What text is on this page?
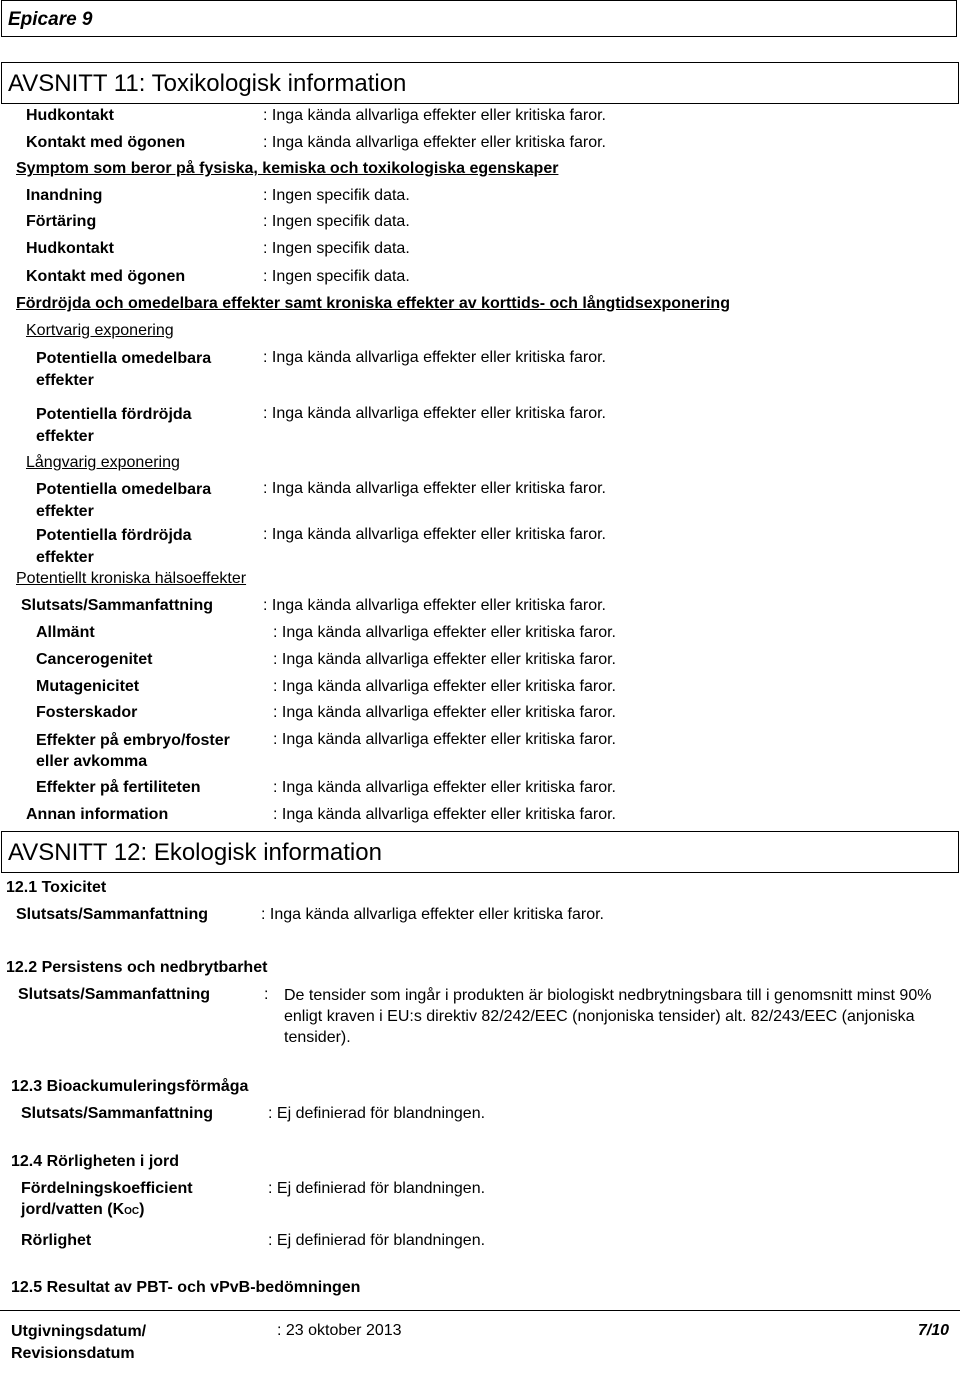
Epicare 9
AVSNITT 11: Toxikologisk information
Hudkontakt	: Inga kända allvarliga effekter eller kritiska faror.
Kontakt med ögonen	: Inga kända allvarliga effekter eller kritiska faror.
Symptom som beror på fysiska, kemiska och toxikologiska egenskaper
Inandning	: Ingen specifik data.
Förtäring	: Ingen specifik data.
Hudkontakt	: Ingen specifik data.
Kontakt med ögonen	: Ingen specifik data.
Fördröjda och omedelbara effekter samt kroniska effekter av korttids- och långtidsexponering
Kortvarig exponering
Potentiella omedelbara effekter
: Inga kända allvarliga effekter eller kritiska faror.
Potentiella fördröjda effekter
: Inga kända allvarliga effekter eller kritiska faror.
Långvarig exponering
Potentiella omedelbara effekter
: Inga kända allvarliga effekter eller kritiska faror.
Potentiella fördröjda effekter
: Inga kända allvarliga effekter eller kritiska faror.
Potentiellt kroniska hälsoeffekter
Slutsats/Sammanfattning	: Inga kända allvarliga effekter eller kritiska faror.
Allmänt	: Inga kända allvarliga effekter eller kritiska faror.
Cancerogenitet	: Inga kända allvarliga effekter eller kritiska faror.
Mutagenicitet	: Inga kända allvarliga effekter eller kritiska faror.
Fosterskador	: Inga kända allvarliga effekter eller kritiska faror.
Effekter på embryo/foster eller avkomma
: Inga kända allvarliga effekter eller kritiska faror.
Effekter på fertiliteten	: Inga kända allvarliga effekter eller kritiska faror.
Annan information	: Inga kända allvarliga effekter eller kritiska faror.
AVSNITT 12: Ekologisk information
12.1 Toxicitet
Slutsats/Sammanfattning	: Inga kända allvarliga effekter eller kritiska faror.
12.2 Persistens och nedbrytbarhet
Slutsats/Sammanfattning	: De tensider som ingår i produkten är biologiskt nedbrytningsbara till i genomsnitt minst 90% enligt kraven i EU:s direktiv 82/242/EEC (nonjoniska tensider) alt. 82/243/EEC (anjoniska tensider).
12.3 Bioackumuleringsförmåga
Slutsats/Sammanfattning	: Ej definierad för blandningen.
12.4 Rörligheten i jord
Fördelningskoefficient
jord/vatten (KOC)
: Ej definierad för blandningen.
Rörlighet	: Ej definierad för blandningen.
12.5 Resultat av PBT- och vPvB-bedömningen
Utgivningsdatum/ Revisionsdatum
: 23 oktober 2013	7/10
